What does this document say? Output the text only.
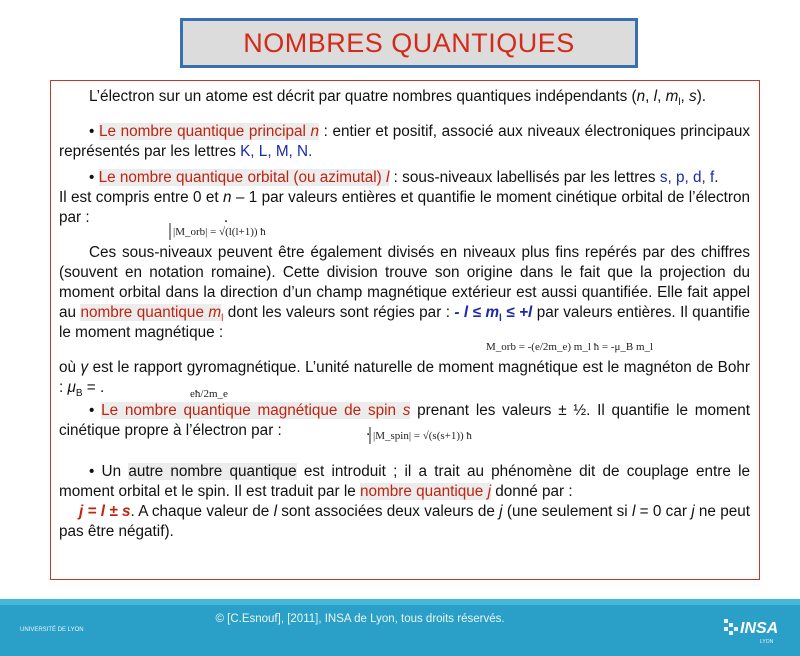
NOMBRES QUANTIQUES

L’électron sur un atome est décrit par quatre nombres quantiques indépendants (n, l, $m_l$, s).

• Le nombre quantique principal n : entier et positif, associé aux niveaux électroniques principaux représentés par les lettres K, L, M, N.

• Le nombre quantique orbital (ou azimutal) l : sous-niveaux labellisés par les lettres s, p, d, f.

Il est compris entre 0 et n – 1 par valeurs entières et quantifie le moment cinétique orbital de l’électron par :	.

Ces sous-niveaux peuvent être également divisés en niveaux plus fins repérés par des chiffres (souvent en notation romaine). Cette division trouve son origine dans le fait que la projection du moment orbital dans la direction d’un champ magnétique extérieur est aussi quantifiée. Elle fait appel au nombre quantique $m_l$ dont les valeurs sont régies par : - $l \le m_l \le +l$ par valeurs entières. Il quantifie le moment magnétique :

où γ est le rapport gyromagnétique. L’unité naturelle de moment magnétique est le magnéton de Bohr : $\mu_B$ = .

• Le nombre quantique magnétique de spin s prenant les valeurs ± ½. Il quantifie le moment cinétique propre à l’électron par :	.

• Un autre nombre quantique est introduit ; il a trait au phénomène dit de couplage entre le moment orbital et le spin. Il est traduit par le nombre quantique j donné par :

j = l ± s. A chaque valeur de l sont associées deux valeurs de j (une seulement si l = 0 car j ne peut pas être négatif).

|M_orb| = √(l(l+1)) ħ
M_orb = -(e/2m_e) m_l ħ = -μ_B m_l
eħ/2m_e
|M_spin| = √(s(s+1)) ħ
UNIVERSITÉ DE LYON
© [C.Esnouf], [2011], INSA de Lyon, tous droits réservés.
INSA
LYON
